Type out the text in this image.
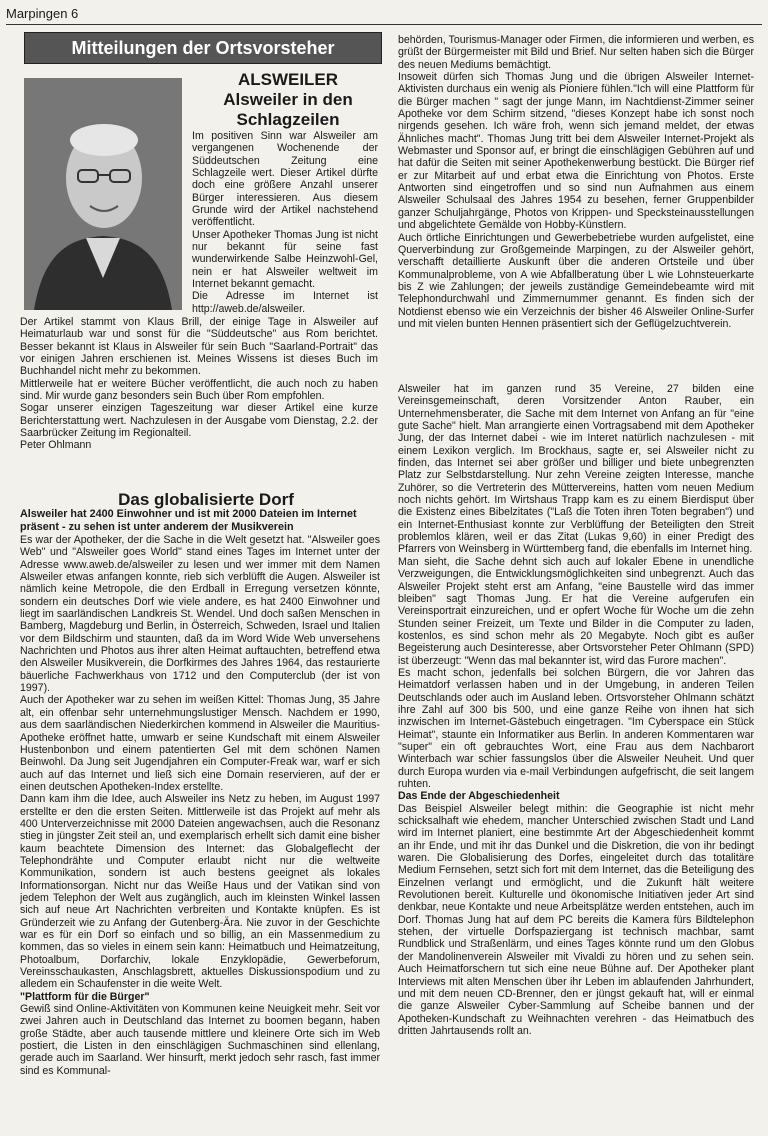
Marpingen 6
Mitteilungen der Ortsvorsteher
ALSWEILER
Alsweiler in den Schlagzeilen

Im positiven Sinn war Alsweiler am vergangenen Wochenende der Süddeutschen Zeitung eine Schlagzeile wert. Dieser Artikel dürfte doch eine größere Anzahl unserer Bürger interessieren. Aus diesem Grunde wird der Artikel nachstehend veröffentlicht.

Unser Apotheker Thomas Jung ist nicht nur bekannt für seine fast wunderwirkende Salbe Heinzwohl-Gel, nein er hat Alsweiler weltweit im Internet bekannt gemacht.

Die Adresse im Internet ist http://aweb.de/alsweiler.

Der Artikel stammt von Klaus Brill, der einige Tage in Alsweiler auf Heimaturlaub war und sonst für die "Süddeutsche" aus Rom berichtet. Besser bekannt ist Klaus in Alsweiler für sein Buch "Saarland-Portrait" das vor einigen Jahren erschienen ist. Meines Wissens ist dieses Buch im Buchhandel nicht mehr zu bekommen.

Mittlerweile hat er weitere Bücher veröffentlicht, die auch noch zu haben sind. Mir wurde ganz besonders sein Buch über Rom empfohlen.

Sogar unserer einzigen Tageszeitung war dieser Artikel eine kurze Berichterstattung wert. Nachzulesen in der Ausgabe vom Dienstag, 2.2. der Saarbrücker Zeitung im Regionalteil.

Peter Ohlmann

Das globalisierte Dorf
Alsweiler hat 2400 Einwohner und ist mit 2000 Dateien im Internet präsent - zu sehen ist unter anderem der Musikverein

Es war der Apotheker, der die Sache in die Welt gesetzt hat. "Alsweiler goes Web" und "Alsweiler goes World" stand eines Tages im Internet unter der Adresse www.aweb.de/alsweiler zu lesen und wer immer mit dem Namen Alsweiler etwas anfangen konnte, rieb sich verblüfft die Augen. Alsweiler ist nämlich keine Metropole, die den Erdball in Erregung versetzen könnte, sondern ein deutsches Dorf wie viele andere, es hat 2400 Einwohner und liegt im saarländischen Landkreis St. Wendel. Und doch saßen Menschen in Bamberg, Magdeburg und Berlin, in Österreich, Schweden, Israel und Italien vor dem Bildschirm und staunten, daß da im Word Wide Web unversehens Nachrichten und Photos aus ihrer alten Heimat auftauchten, betreffend etwa den Alsweiler Musikverein, die Dorfkirmes des Jahres 1964, das restaurierte bäuerliche Fachwerkhaus von 1712 und den Computerclub (der ist von 1997).

Auch der Apotheker war zu sehen im weißen Kittel: Thomas Jung, 35 Jahre alt, ein offenbar sehr unternehmungslustiger Mensch. Nachdem er 1990, aus dem saarländischen Niederkirchen kommend in Alsweiler die Mauritius-Apotheke eröffnet hatte, umwarb er seine Kundschaft mit einem Alsweiler Hustenbonbon und einem patentierten Gel mit dem schönen Namen Beinwohl. Da Jung seit Jugendjahren ein Computer-Freak war, warf er sich auch auf das Internet und ließ sich eine Domain reservieren, auf der er einen deutschen Apotheken-Index erstellte.

Dann kam ihm die Idee, auch Alsweiler ins Netz zu heben, im August 1997 erstellte er den die ersten Seiten. Mittlerweile ist das Projekt auf mehr als 400 Unterverzeichnisse mit 2000 Dateien angewachsen, auch die Resonanz stieg in jüngster Zeit steil an, und exemplarisch erhellt sich damit eine bisher kaum beachtete Dimension des Internet: das Globalgeflecht der Telephondrähte und Computer erlaubt nicht nur die weltweite Kommunikation, sondern ist auch bestens geeignet als lokales Informationsorgan. Nicht nur das Weiße Haus und der Vatikan sind von jedem Telephon der Welt aus zugänglich, auch im kleinsten Winkel lassen sich auf neue Art Nachrichten verbreiten und Kontakte knüpfen. Es ist Gründerzeit wie zu Anfang der Gutenberg-Ära. Nie zuvor in der Geschichte war es für ein Dorf so einfach und so billig, an ein Massenmedium zu kommen, das so vieles in einem sein kann: Heimatbuch und Heimatzeitung, Photoalbum, Dorfarchiv, lokale Enzyklopädie, Gewerbeforum, Vereinsschaukasten, Anschlagsbrett, aktuelles Diskussionspodium und zu alledem ein Schaufenster in die weite Welt.

"Plattform für die Bürger"

Gewiß sind Online-Aktivitäten von Kommunen keine Neuigkeit mehr. Seit vor zwei Jahren auch in Deutschland das Internet zu boomen begann, haben große Städte, aber auch tausende mittlere und kleinere Orte sich im Web postiert, die Listen in den einschlägigen Suchmaschinen sind ellenlang, gerade auch im Saarland. Wer hinsurft, merkt jedoch sehr rasch, fast immer sind es Kommunal-

behörden, Tourismus-Manager oder Firmen, die informieren und werben, es grüßt der Bürgermeister mit Bild und Brief. Nur selten haben sich die Bürger des neuen Mediums bemächtigt.

Insoweit dürfen sich Thomas Jung und die übrigen Alsweiler Internet-Aktivisten durchaus ein wenig als Pioniere fühlen."Ich will eine Plattform für die Bürger machen " sagt der junge Mann, im Nachtdienst-Zimmer seiner Apotheke vor dem Schirm sitzend, "dieses Konzept habe ich sonst noch nirgends gesehen. Ich wäre froh, wenn sich jemand meldet, der etwas Ähnliches macht". Thomas Jung tritt bei dem Alsweiler Internet-Projekt als Webmaster und Sponsor auf, er bringt die einschlägigen Gebühren auf und hat dafür die Seiten mit seiner Apothekenwerbung bestückt. Die Bürger rief er zur Mitarbeit auf und erbat etwa die Einrichtung von Photos. Erste Antworten sind eingetroffen und so sind nun Aufnahmen aus einem Alsweiler Schulsaal des Jahres 1954 zu besehen, ferner Gruppenbilder ganzer Schuljahrgänge, Photos von Krippen- und Specksteinausstellungen und abgelichtete Gemälde von Hobby-Künstlern.

Auch örtliche Einrichtungen und Gewerbebetriebe wurden aufgelistet, eine Querverbindung zur Großgemeinde Marpingen, zu der Alsweiler gehört, verschafft detaillierte Auskunft über die anderen Ortsteile und über Kommunalprobleme, von A wie Abfallberatung über L wie Lohnsteuerkarte bis Z wie Zahlungen; der jeweils zuständige Gemeindebeamte wird mit Telephondurchwahl und Zimmernummer genannt. Es finden sich der Notdienst ebenso wie ein Verzeichnis der bisher 46 Alsweiler Online-Surfer und mit vielen bunten Hennen präsentiert sich der Geflügelzuchtverein.

Alsweiler hat im ganzen rund 35 Vereine, 27 bilden eine Vereinsgemeinschaft, deren Vorsitzender Anton Rauber, ein Unternehmensberater, die Sache mit dem Internet von Anfang an für "eine gute Sache" hielt. Man arrangierte einen Vortragsabend mit dem Apotheker Jung, der das Internet dabei - wie im Interet natürlich nachzulesen - mit einem Lexikon verglich. Im Brockhaus, sagte er, sei Alsweiler nicht zu finden, das Internet sei aber größer und billiger und biete unbegrenzten Platz zur Selbstdarstellung. Nur zehn Vereine zeigten Interesse, manche Zuhörer, so die Vertreterin des Müttervereins, hatten vom neuen Medium noch nichts gehört. Im Wirtshaus Trapp kam es zu einem Bierdisput über die Existenz eines Bibelzitates ("Laß die Toten ihren Toten begraben") und ein Internet-Enthusiast konnte zur Verblüffung der Beteiligten den Streit problemlos klären, weil er das Zitat (Lukas 9,60) in einer Predigt des Pfarrers von Weinsberg in Württemberg fand, die ebenfalls im Internet hing.

Man sieht, die Sache dehnt sich auch auf lokaler Ebene in unendliche Verzweigungen, die Entwicklungsmöglichkeiten sind unbegrenzt. Auch das Alsweiler Projekt steht erst am Anfang, "eine Baustelle wird das immer bleiben" sagt Thomas Jung. Er hat die Vereine aufgerufen ein Vereinsportrait einzureichen, und er opfert Woche für Woche um die zehn Stunden seiner Freizeit, um Texte und Bilder in die Computer zu laden, kostenlos, es sind schon mehr als 20 Megabyte. Noch gibt es außer Begeisterung auch Desinteresse, aber Ortsvorsteher Peter Ohlmann (SPD) ist überzeugt: "Wenn das mal bekannter ist, wird das Furore machen".

Es macht schon, jedenfalls bei solchen Bürgern, die vor Jahren das Heimatdorf verlassen haben und in der Umgebung, in anderen Teilen Deutschlands oder auch im Ausland leben. Ortsvorsteher Ohlmann schätzt ihre Zahl auf 300 bis 500, und eine ganze Reihe von ihnen hat sich inzwischen im Internet-Gästebuch eingetragen. "Im Cyberspace ein Stück Heimat", staunte ein Informatiker aus Berlin. In anderen Kommentaren war "super" ein oft gebrauchtes Wort, eine Frau aus dem Nachbarort Winterbach war schier fassungslos über die Alsweiler Neuheit. Und quer durch Europa wurden via e-mail Verbindungen aufgefrischt, die seit langem ruhten.

Das Ende der Abgeschiedenheit

Das Beispiel Alsweiler belegt mithin: die Geographie ist nicht mehr schicksalhaft wie ehedem, mancher Unterschied zwischen Stadt und Land wird im Internet planiert, eine bestimmte Art der Abgeschiedenheit kommt an ihr Ende, und mit ihr das Dunkel und die Diskretion, die von ihr bedingt waren. Die Globalisierung des Dorfes, eingeleitet durch das totalitäre Medium Fernsehen, setzt sich fort mit dem Internet, das die Beteiligung des Einzelnen verlangt und ermöglicht, und die Zukunft hält weitere Revolutionen bereit. Kulturelle und ökonomische Initiativen jeder Art sind denkbar, neue Kontakte und neue Arbeitsplätze werden entstehen, auch im Dorf. Thomas Jung hat auf dem PC bereits die Kamera fürs Bildtelephon stehen, der virtuelle Dorfspaziergang ist technisch machbar, samt Rundblick und Straßenlärm, und eines Tages könnte rund um den Globus der Mandolinenverein Alsweiler mit Vivaldi zu hören und zu sehen sein. Auch Heimatforschern tut sich eine neue Bühne auf. Der Apotheker plant Interviews mit alten Menschen über ihr Leben im ablaufenden Jahrhundert, und mit dem neuen CD-Brenner, den er jüngst gekauft hat, will er einmal die ganze Alsweiler Cyber-Sammlung auf Scheibe bannen und der Apotheken-Kundschaft zu Weihnachten verehren - das Heimatbuch des dritten Jahrtausends rollt an.
